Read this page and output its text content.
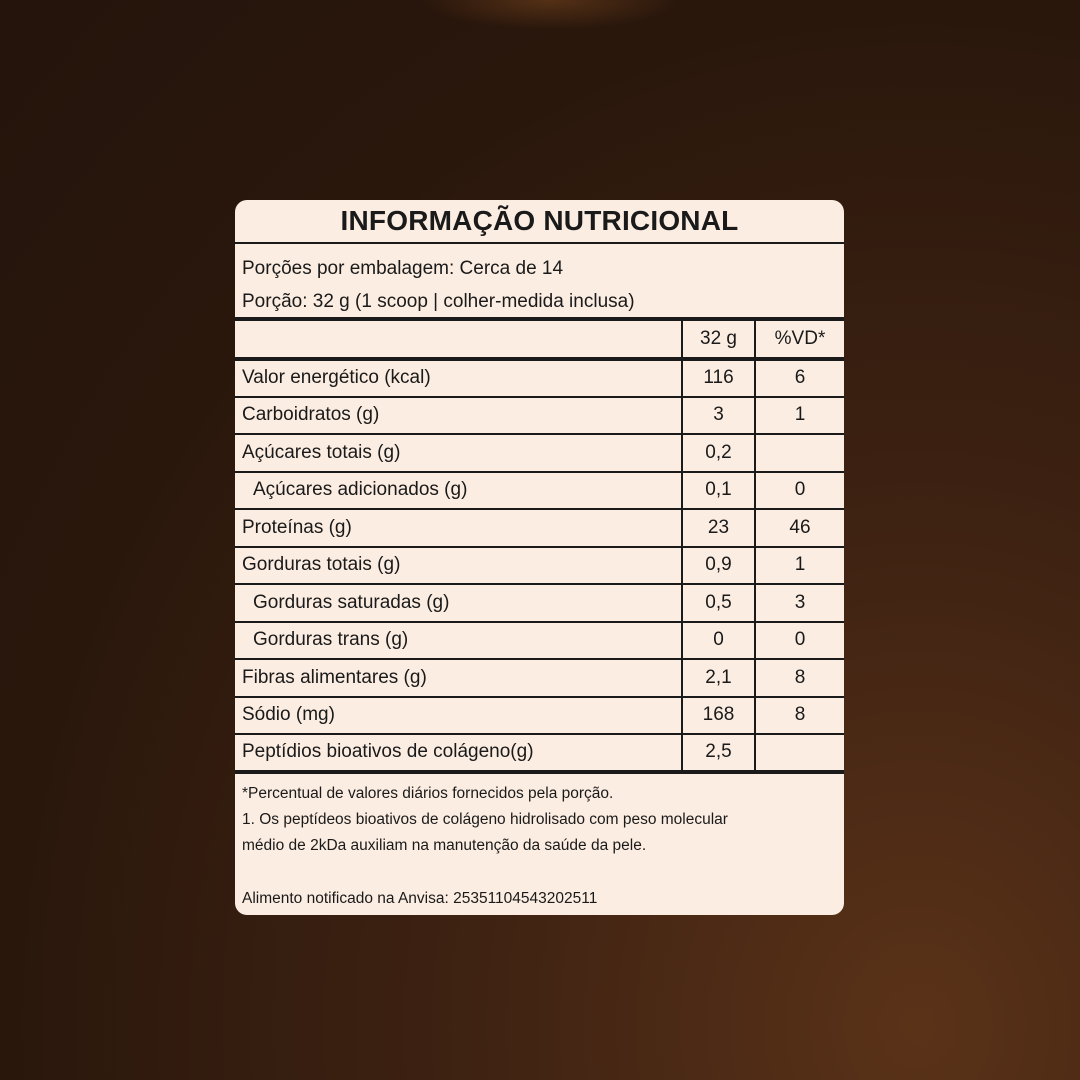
INFORMAÇÃO NUTRICIONAL
Porções por embalagem: Cerca de 14
Porção: 32 g (1 scoop | colher-medida inclusa)
	32 g	%VD*
Valor energético (kcal)	116	6
Carboidratos (g)	3	1
Açúcares totais (g)	0,2	
Açúcares adicionados (g)	0,1	0
Proteínas (g)	23	46
Gorduras totais (g)	0,9	1
Gorduras saturadas (g)	0,5	3
Gorduras trans (g)	0	0
Fibras alimentares (g)	2,1	8
Sódio (mg)	168	8
Peptídios bioativos de colágeno(g)	2,5	
*Percentual de valores diários fornecidos pela porção.
1. Os peptídeos bioativos de colágeno hidrolisado com peso molecular
médio de 2kDa auxiliam na manutenção da saúde da pele.
Alimento notificado na Anvisa: 25351104543202511
